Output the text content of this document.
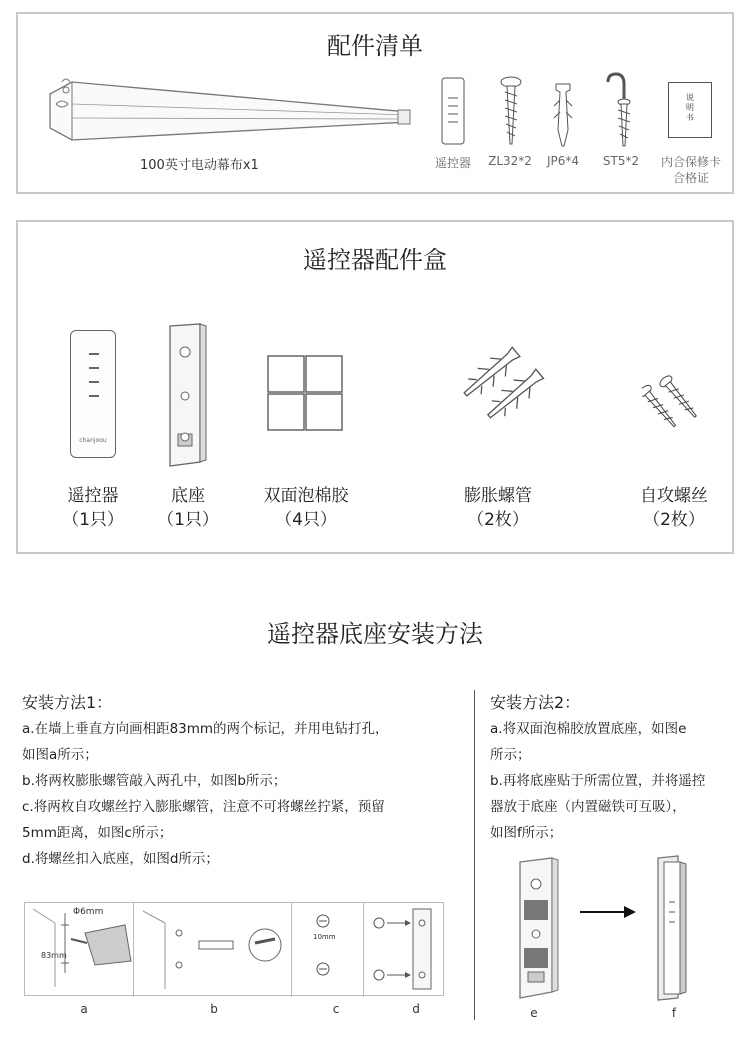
配件清单
100英寸电动幕布x1
说明书
遥控器	ZL32*2	JP6*4	ST5*2	内合保修卡
合格证
遥控器配件盒
chanjoou
遥控器
（1只）
底座
（1只）
双面泡棉胶
（4只）
膨胀螺管
（2枚）
自攻螺丝
（2枚）
遥控器底座安装方法
安装方法1：
a.在墙上垂直方向画相距83mm的两个标记，并用电钻打孔，
如图a所示；
b.将两枚膨胀螺管敲入两孔中，如图b所示；
c.将两枚自攻螺丝拧入膨胀螺管，注意不可将螺丝拧紧，预留
5mm距离，如图c所示；
d.将螺丝扣入底座，如图d所示；
安装方法2：
a.将双面泡棉胶放置底座，如图e
所示；
b.再将底座贴于所需位置，并将遥控
器放于底座（内置磁铁可互吸），
如图f所示；
Φ6mm
83mm
10mm
a	b	c	d	e	f
